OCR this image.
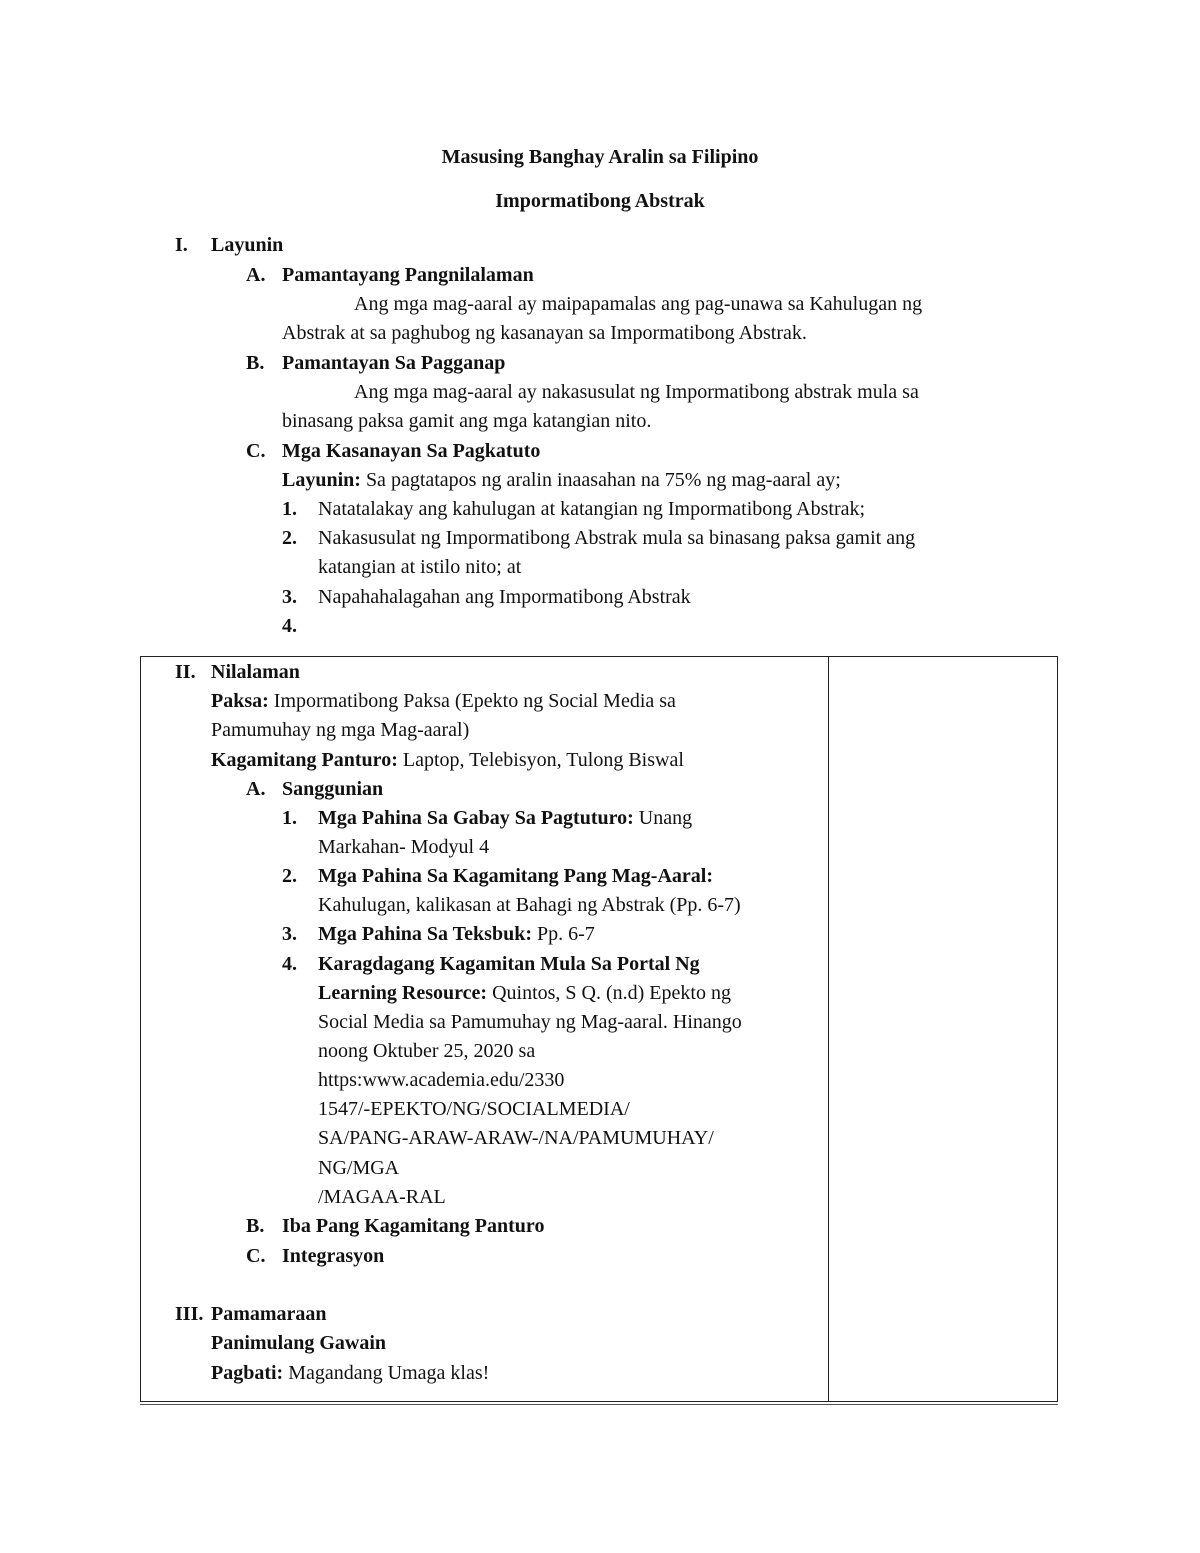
Masusing Banghay Aralin sa Filipino
Impormatibong Abstrak
I. Layunin
A. Pamantayang Pangnilalaman
Ang mga mag-aaral ay maipapamalas ang pag-unawa sa Kahulugan ng
Abstrak at sa paghubog ng kasanayan sa Impormatibong Abstrak.
B. Pamantayan Sa Pagganap
Ang mga mag-aaral ay nakasusulat ng Impormatibong abstrak mula sa
binasang paksa gamit ang mga katangian nito.
C. Mga Kasanayan Sa Pagkatuto
Layunin: Sa pagtatapos ng aralin inaasahan na 75% ng mag-aaral ay;
1. Natatalakay ang kahulugan at katangian ng Impormatibong Abstrak;
2. Nakasusulat ng Impormatibong Abstrak mula sa binasang paksa gamit ang
katangian at istilo nito; at
3. Napahahalagahan ang Impormatibong Abstrak
4.
II. Nilalaman
Paksa: Impormatibong Paksa (Epekto ng Social Media sa
Pamumuhay ng mga Mag-aaral)
Kagamitang Panturo: Laptop, Telebisyon, Tulong Biswal
A. Sanggunian
1. Mga Pahina Sa Gabay Sa Pagtuturo: Unang
Markahan- Modyul 4
2. Mga Pahina Sa Kagamitang Pang Mag-Aaral:
Kahulugan, kalikasan at Bahagi ng Abstrak (Pp. 6-7)
3. Mga Pahina Sa Teksbuk: Pp. 6-7
4. Karagdagang Kagamitan Mula Sa Portal Ng
Learning Resource: Quintos, S Q. (n.d) Epekto ng
Social Media sa Pamumuhay ng Mag-aaral. Hinango
noong Oktuber 25, 2020 sa
https:www.academia.edu/2330
1547/-EPEKTO/NG/SOCIALMEDIA/
SA/PANG-ARAW-ARAW-/NA/PAMUMUHAY/
NG/MGA
/MAGAA-RAL
B. Iba Pang Kagamitang Panturo
C. Integrasyon
III. Pamamaraan
Panimulang Gawain
Pagbati: Magandang Umaga klas!
